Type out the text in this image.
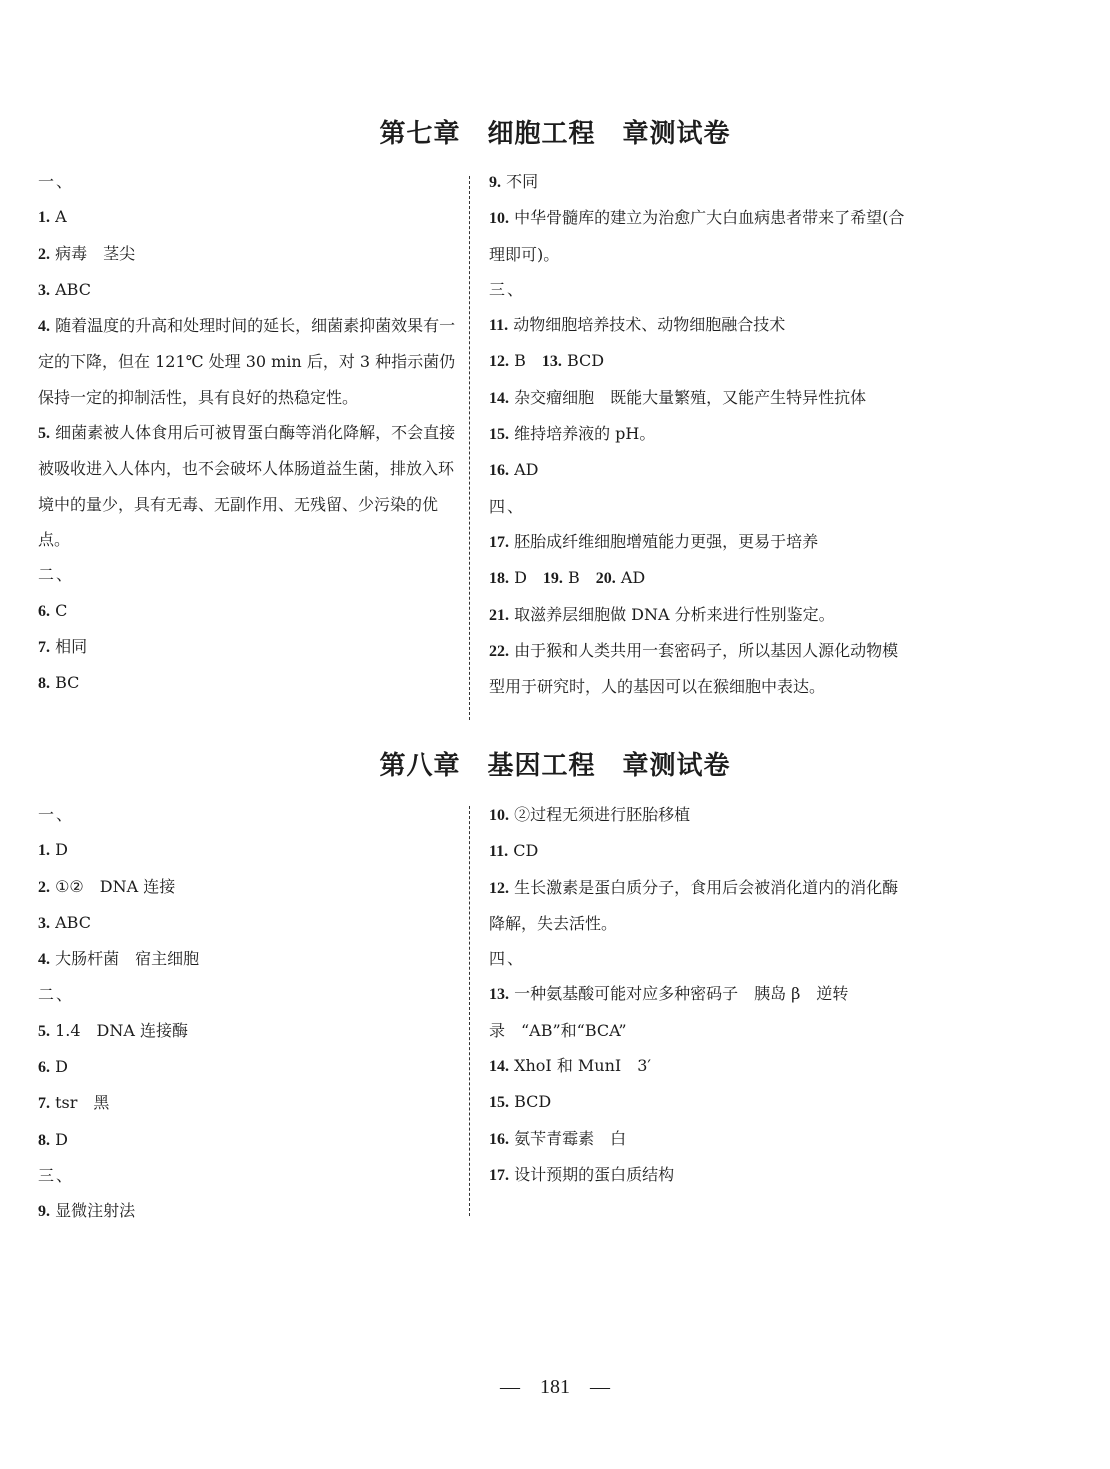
第七章　细胞工程　章测试卷
一、
1. A
2. 病毒　茎尖
3. ABC
4. 随着温度的升高和处理时间的延长，细菌素抑菌效果有一定的下降，但在 121℃ 处理 30 min 后，对 3 种指示菌仍保持一定的抑制活性，具有良好的热稳定性。
5. 细菌素被人体食用后可被胃蛋白酶等消化降解，不会直接被吸收进入人体内，也不会破坏人体肠道益生菌，排放入环境中的量少，具有无毒、无副作用、无残留、少污染的优点。
二、
6. C
7. 相同
8. BC
9. 不同
10. 中华骨髓库的建立为治愈广大白血病患者带来了希望(合理即可)。
三、
11. 动物细胞培养技术、动物细胞融合技术
12. B　13. BCD
14. 杂交瘤细胞　既能大量繁殖，又能产生特异性抗体
15. 维持培养液的 pH。
16. AD
四、
17. 胚胎成纤维细胞增殖能力更强，更易于培养
18. D　19. B　20. AD
21. 取滋养层细胞做 DNA 分析来进行性别鉴定。
22. 由于猴和人类共用一套密码子，所以基因人源化动物模型用于研究时，人的基因可以在猴细胞中表达。
第八章　基因工程　章测试卷
一、
1. D
2. ①②　DNA 连接
3. ABC
4. 大肠杆菌　宿主细胞
二、
5. 1.4　DNA 连接酶
6. D
7. tsr　黑
8. D
三、
9. 显微注射法
10. ②过程无须进行胚胎移植
11. CD
12. 生长激素是蛋白质分子，食用后会被消化道内的消化酶降解，失去活性。
四、
13. 一种氨基酸可能对应多种密码子　胰岛 β　逆转录　“AB”和“BCA”
14. XhoⅠ 和 MunⅠ　3′
15. BCD
16. 氨苄青霉素　白
17. 设计预期的蛋白质结构
—　181　—
